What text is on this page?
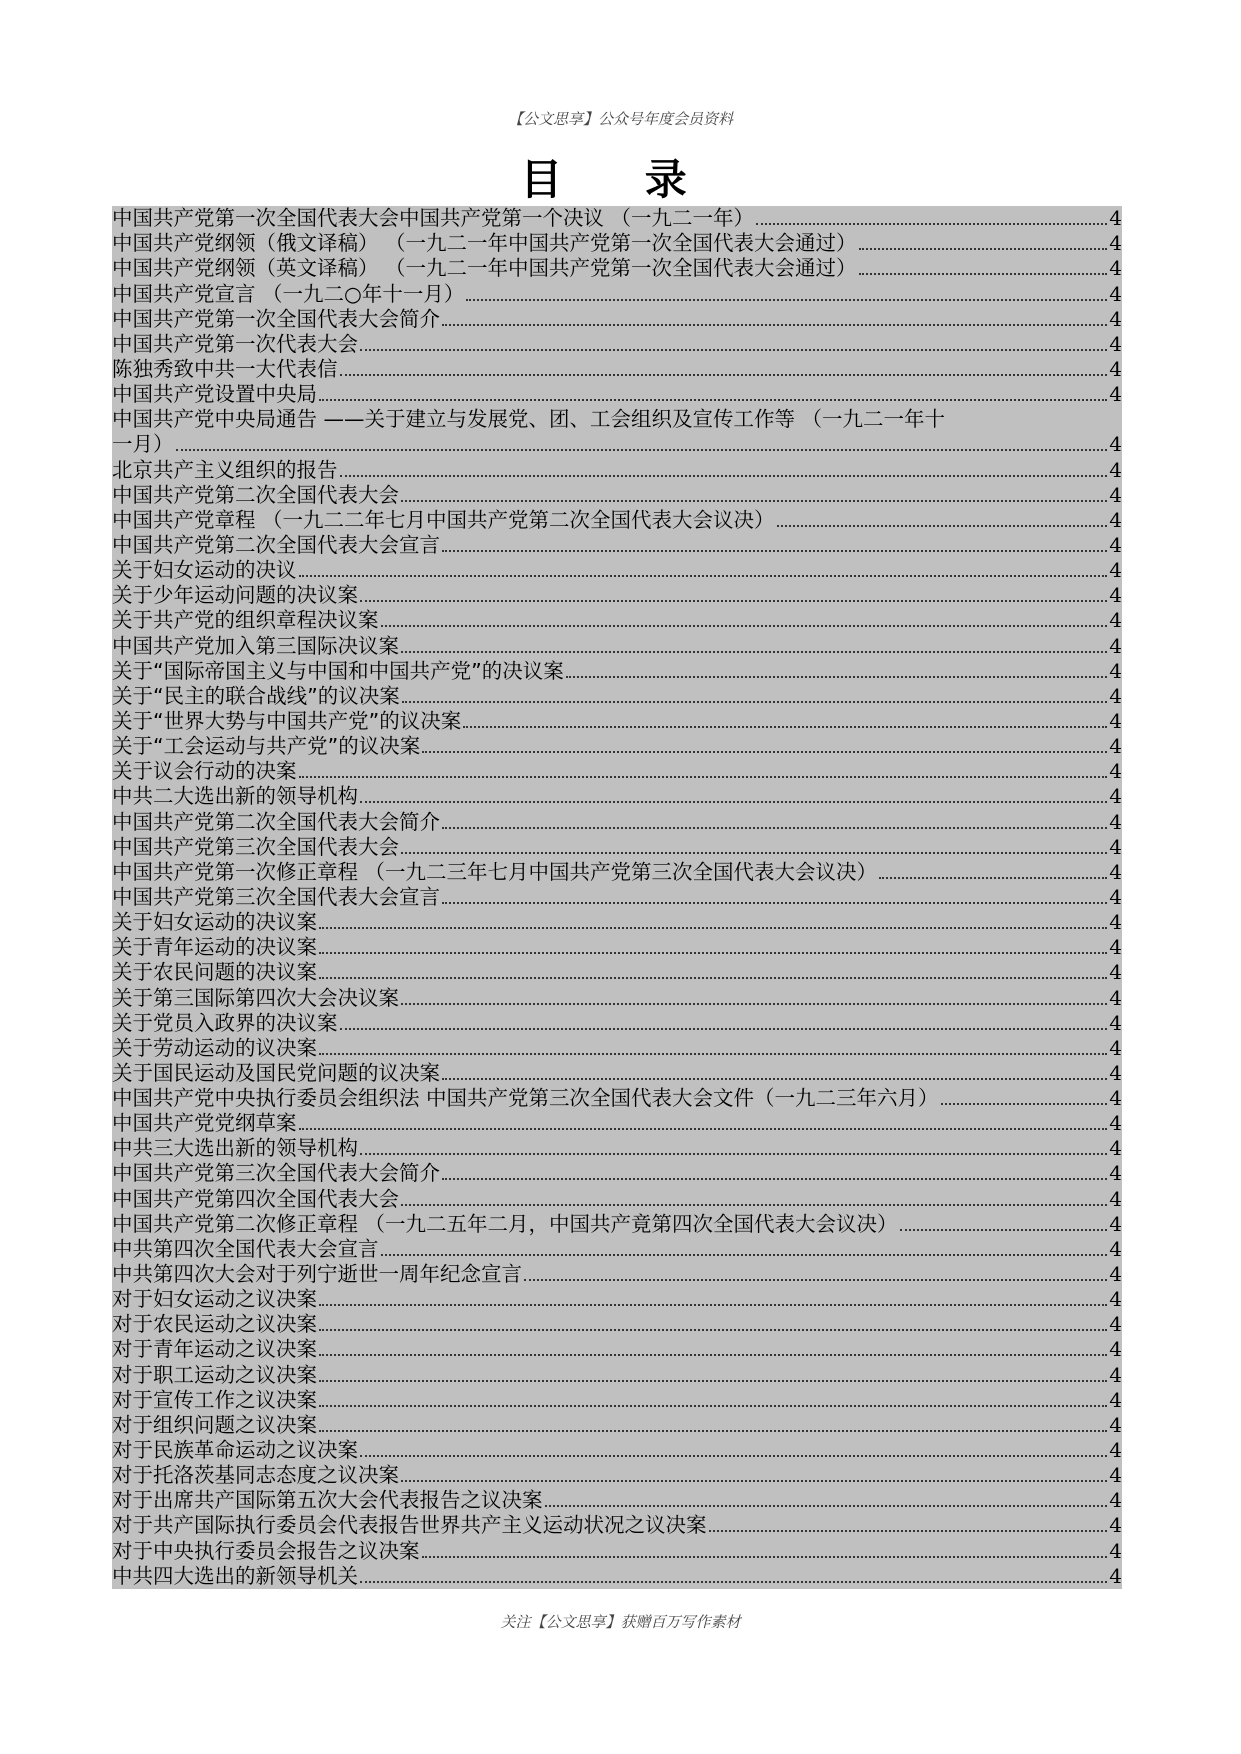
【公文思享】公众号年度会员资料
目 录
中国共产党第一次全国代表大会中国共产党第一个决议 （一九二一年）	4
中国共产党纲领（俄文译稿） （一九二一年中国共产党第一次全国代表大会通过）	4
中国共产党纲领（英文译稿） （一九二一年中国共产党第一次全国代表大会通过）	4
中国共产党宣言 （一九二○年十一月）	4
中国共产党第一次全国代表大会简介	4
中国共产党第一次代表大会	4
陈独秀致中共一大代表信	4
中国共产党设置中央局	4
中国共产党中央局通告 ——关于建立与发展党、团、工会组织及宣传工作等 （一九二一年十
一月）	4
北京共产主义组织的报告	4
中国共产党第二次全国代表大会	4
中国共产党章程 （一九二二年七月中国共产党第二次全国代表大会议决）	4
中国共产党第二次全国代表大会宣言	4
关于妇女运动的决议	4
关于少年运动问题的决议案	4
关于共产党的组织章程决议案	4
中国共产党加入第三国际决议案	4
关于“国际帝国主义与中国和中国共产党”的决议案	4
关于“民主的联合战线”的议决案	4
关于“世界大势与中国共产党”的议决案	4
关于“工会运动与共产党”的议决案	4
关于议会行动的决案	4
中共二大选出新的领导机构	4
中国共产党第二次全国代表大会简介	4
中国共产党第三次全国代表大会	4
中国共产党第一次修正章程 （一九二三年七月中国共产党第三次全国代表大会议决）	4
中国共产党第三次全国代表大会宣言	4
关于妇女运动的决议案	4
关于青年运动的决议案	4
关于农民问题的决议案	4
关于第三国际第四次大会决议案	4
关于党员入政界的决议案	4
关于劳动运动的议决案	4
关于国民运动及国民党问题的议决案	4
中国共产党中央执行委员会组织法 中国共产党第三次全国代表大会文件（一九二三年六月）	4
中国共产党党纲草案	4
中共三大选出新的领导机构	4
中国共产党第三次全国代表大会简介	4
中国共产党第四次全国代表大会	4
中国共产党第二次修正章程 （一九二五年二月，中国共产竟第四次全国代表大会议决）	4
中共第四次全国代表大会宣言	4
中共第四次大会对于列宁逝世一周年纪念宣言	4
对于妇女运动之议决案	4
对于农民运动之议决案	4
对于青年运动之议决案	4
对于职工运动之议决案	4
对于宣传工作之议决案	4
对于组织问题之议决案	4
对于民族革命运动之议决案	4
对于托洛茨基同志态度之议决案	4
对于出席共产国际第五次大会代表报告之议决案	4
对于共产国际执行委员会代表报告世界共产主义运动状况之议决案	4
对于中央执行委员会报告之议决案	4
中共四大选出的新领导机关	4
关注【公文思享】获赠百万写作素材
